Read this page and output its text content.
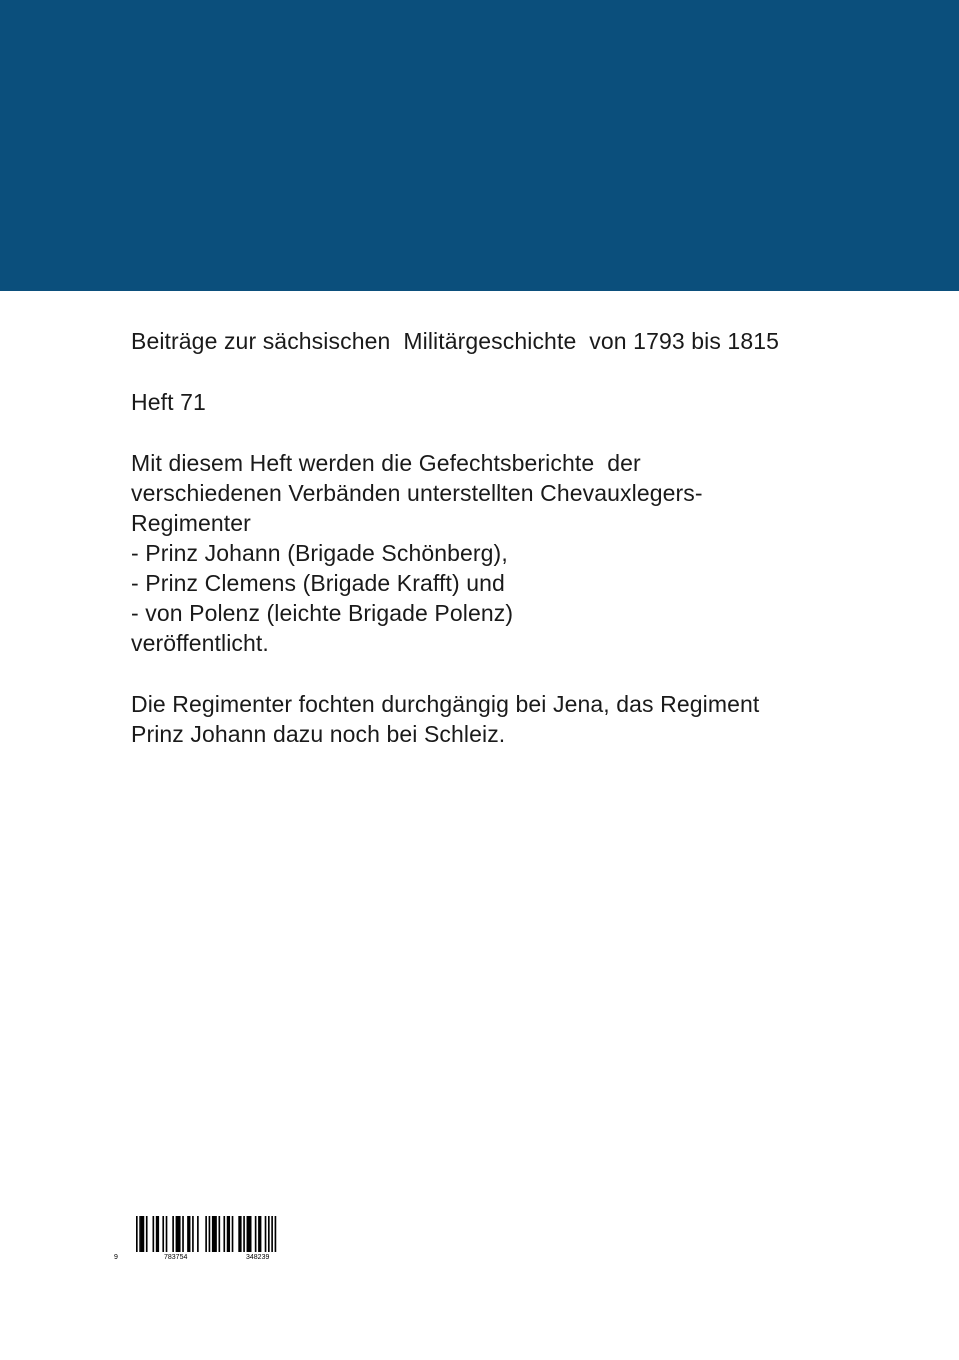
Beiträge zur sächsischen  Militärgeschichte  von 1793 bis 1815

Heft 71

Mit diesem Heft werden die Gefechtsberichte  der

verschiedenen Verbänden unterstellten Chevauxlegers-

Regimenter

- Prinz Johann (Brigade Schönberg),

- Prinz Clemens (Brigade Krafft) und

- von Polenz (leichte Brigade Polenz)

veröffentlicht.

Die Regimenter fochten durchgängig bei Jena, das Regiment

Prinz Johann dazu noch bei Schleiz.

9	783754	348239
